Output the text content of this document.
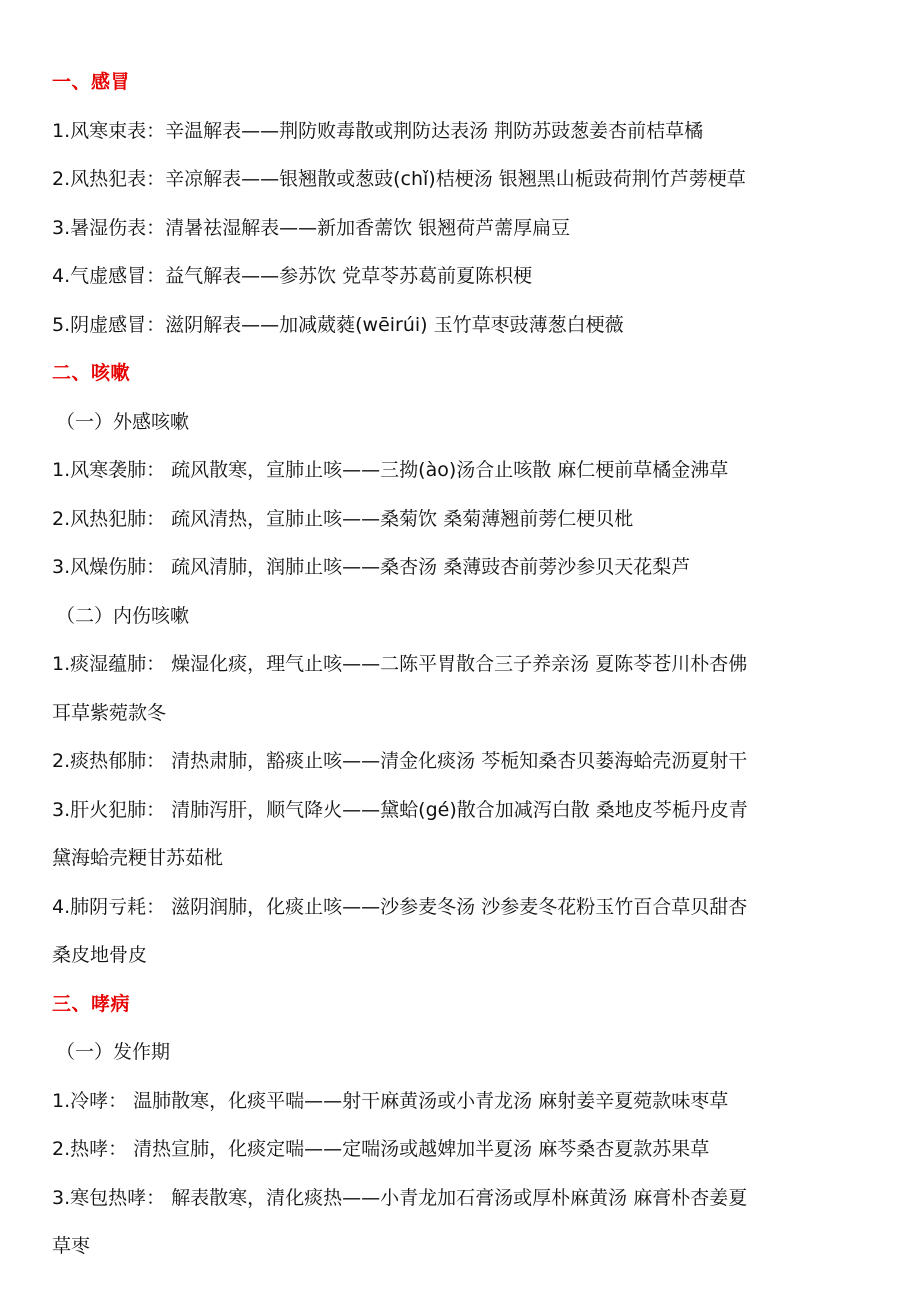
一、感冒
1.风寒束表：辛温解表——荆防败毒散或荆防达表汤 荆防苏豉葱姜杏前桔草橘
2.风热犯表：辛凉解表——银翘散或葱豉(chǐ)桔梗汤 银翘黑山栀豉荷荆竹芦蒡梗草
3.暑湿伤表：清暑祛湿解表——新加香薷饮 银翘荷芦薷厚扁豆
4.气虚感冒：益气解表——参苏饮 党草苓苏葛前夏陈枳梗
5.阴虚感冒：滋阴解表——加减葳蕤(wēirúi) 玉竹草枣豉薄葱白梗薇
二、咳嗽
（一）外感咳嗽
1.风寒袭肺： 疏风散寒，宣肺止咳——三拗(ào)汤合止咳散 麻仁梗前草橘金沸草
2.风热犯肺： 疏风清热，宣肺止咳——桑菊饮 桑菊薄翘前蒡仁梗贝枇
3.风燥伤肺： 疏风清肺，润肺止咳——桑杏汤 桑薄豉杏前蒡沙参贝天花梨芦
（二）内伤咳嗽
1.痰湿蕴肺： 燥湿化痰，理气止咳——二陈平胃散合三子养亲汤 夏陈苓苍川朴杏佛
耳草紫菀款冬
2.痰热郁肺： 清热肃肺，豁痰止咳——清金化痰汤 芩栀知桑杏贝蒌海蛤壳沥夏射干
3.肝火犯肺： 清肺泻肝，顺气降火——黛蛤(gé)散合加减泻白散 桑地皮芩栀丹皮青
黛海蛤壳粳甘苏茹枇
4.肺阴亏耗： 滋阴润肺，化痰止咳——沙参麦冬汤 沙参麦冬花粉玉竹百合草贝甜杏
桑皮地骨皮
三、哮病
（一）发作期
1.冷哮： 温肺散寒，化痰平喘——射干麻黄汤或小青龙汤 麻射姜辛夏菀款味枣草
2.热哮： 清热宣肺，化痰定喘——定喘汤或越婢加半夏汤 麻芩桑杏夏款苏果草
3.寒包热哮： 解表散寒，清化痰热——小青龙加石膏汤或厚朴麻黄汤 麻膏朴杏姜夏
草枣
